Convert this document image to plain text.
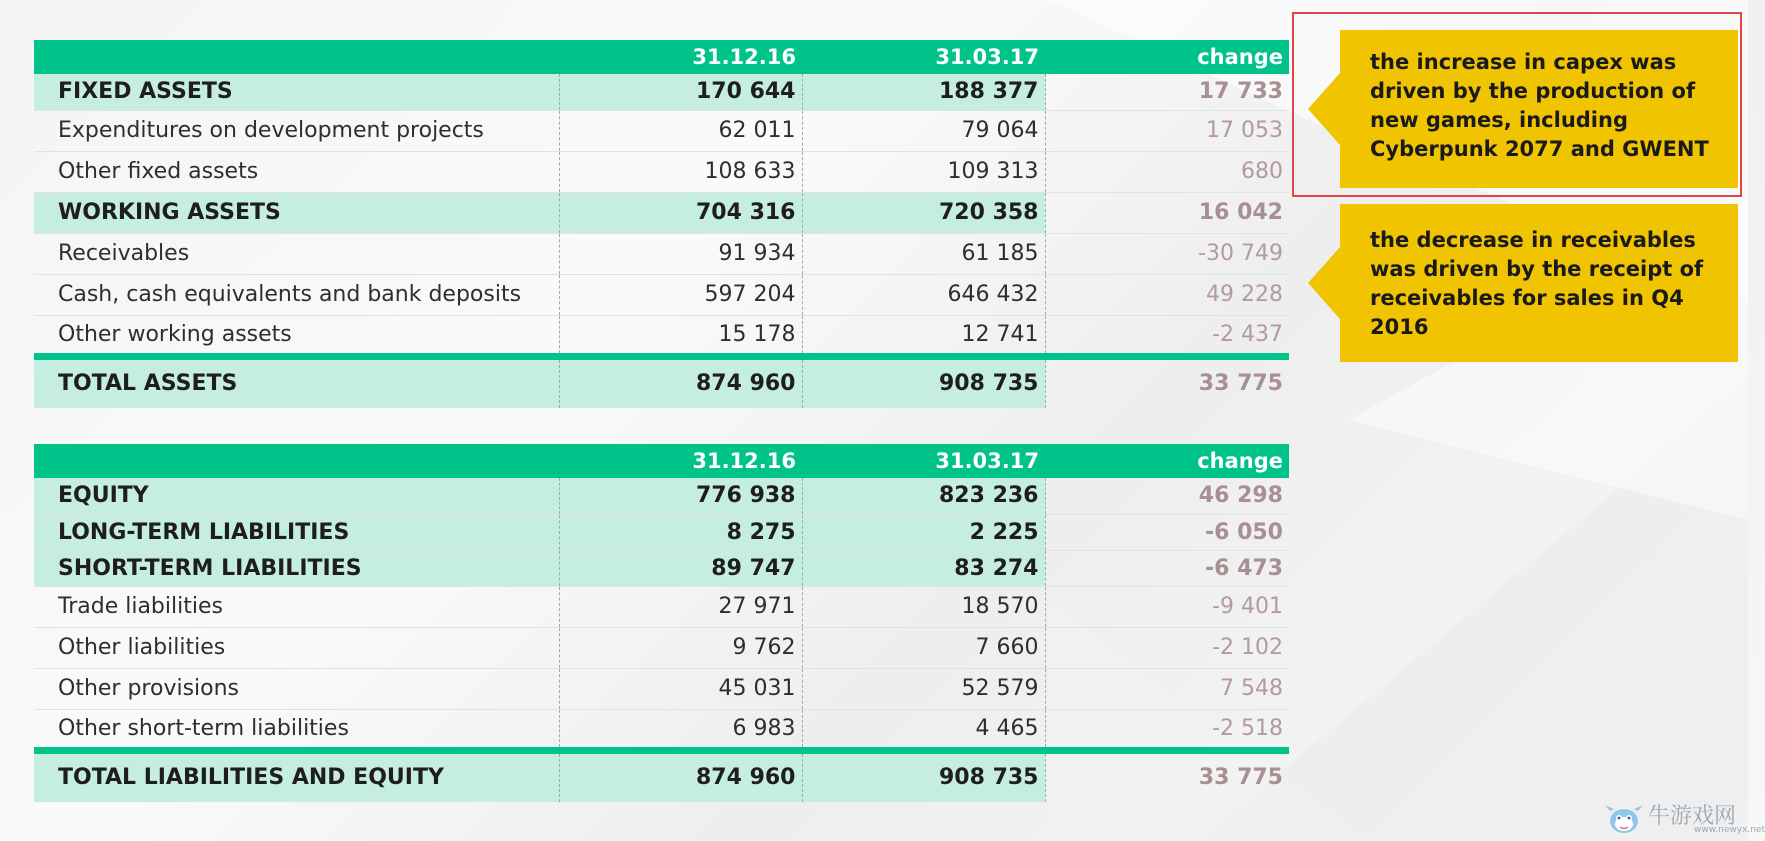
	31.12.16	31.03.17	change
FIXED ASSETS	170 644	188 377	17 733
Expenditures on development projects	62 011	79 064	17 053
Other fixed assets	108 633	109 313	680
WORKING ASSETS	704 316	720 358	16 042
Receivables	91 934	61 185	-30 749
Cash, cash equivalents and bank deposits	597 204	646 432	49 228
Other working assets	15 178	12 741	-2 437
TOTAL ASSETS	874 960	908 735	33 775
	31.12.16	31.03.17	change
EQUITY	776 938	823 236	46 298
LONG-TERM LIABILITIES	8 275	2 225	-6 050
SHORT-TERM LIABILITIES	89 747	83 274	-6 473
Trade liabilities	27 971	18 570	-9 401
Other liabilities	9 762	7 660	-2 102
Other provisions	45 031	52 579	7 548
Other short-term liabilities	6 983	4 465	-2 518
TOTAL LIABILITIES AND EQUITY	874 960	908 735	33 775
the increase in capex was
driven by the production of
new games, including
Cyberpunk 2077 and GWENT
the decrease in receivables
was driven by the receipt of
receivables for sales in Q4
2016
牛游戏网
www.newyx.net
